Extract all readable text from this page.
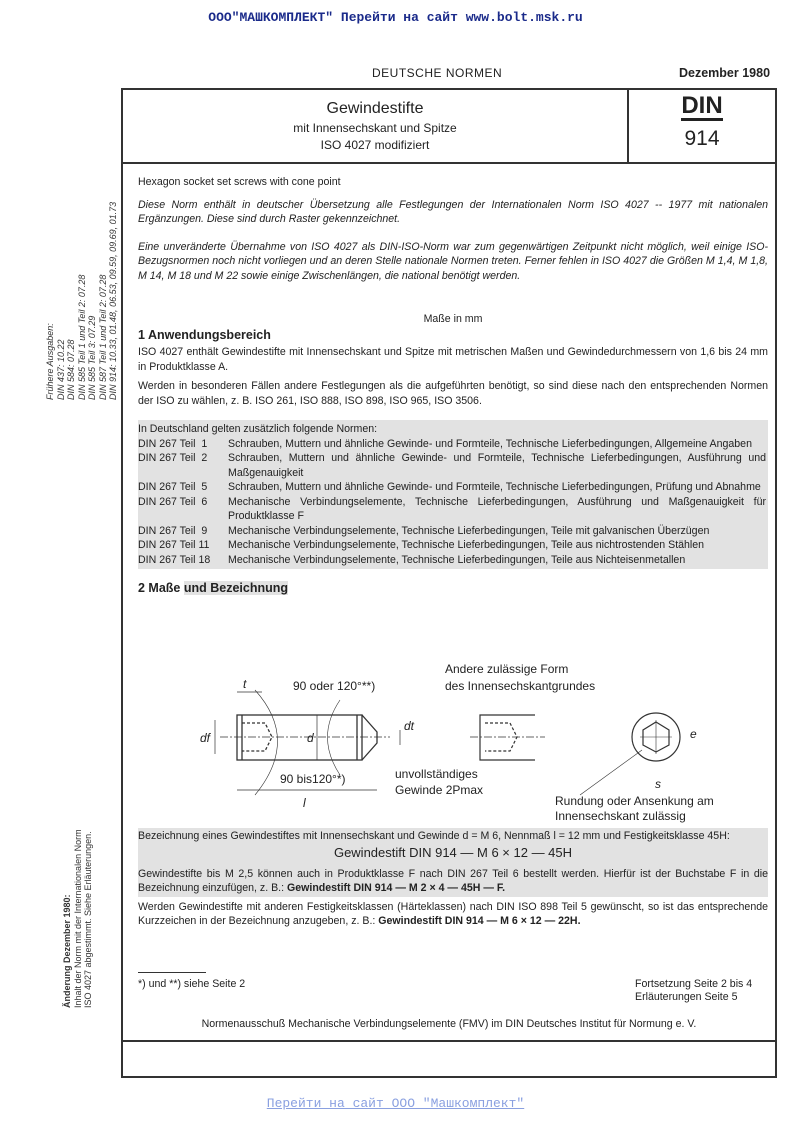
ООО"МАШКОМПЛЕКТ" Перейти на сайт www.bolt.msk.ru
DEUTSCHE NORMEN	Dezember 1980
Gewindestifte
mit Innensechskant und Spitze
ISO 4027 modifiziert
DIN
914
Frühere Ausgaben: DIN 437: 10.22 DIN 584: 07.28 DIN 585 Teil 1 und Teil 2: 07.28 DIN 585 Teil 3: 07.29 DIN 587 Teil 1 und Teil 2: 07.28 DIN 914: 10.33, 01.48, 06.53, 09.59, 09.69, 01.73
Änderung Dezember 1980: Inhalt der Norm mit der Internationalen Norm ISO 4027 abgestimmt. Siehe Erläuterungen.

Hexagon socket set screws with cone point

Diese Norm enthält in deutscher Übersetzung alle Festlegungen der Internationalen Norm ISO 4027 -- 1977 mit nationalen Ergänzungen. Diese sind durch Raster gekennzeichnet.

Eine unveränderte Übernahme von ISO 4027 als DIN-ISO-Norm war zum gegenwärtigen Zeitpunkt nicht möglich, weil einige ISO-Bezugsnormen noch nicht vorliegen und an deren Stelle nationale Normen treten. Ferner fehlen in ISO 4027 die Größen M 1,4, M 1,8, M 14, M 18 und M 22 sowie einige Zwischenlängen, die national benötigt werden.

Maße in mm

1 Anwendungsbereich

ISO 4027 enthält Gewindestifte mit Innensechskant und Spitze mit metrischen Maßen und Gewindedurchmessern von 1,6 bis 24 mm in Produktklasse A.

Werden in besonderen Fällen andere Festlegungen als die aufgeführten benötigt, so sind diese nach den entsprechenden Normen der ISO zu wählen, z. B. ISO 261, ISO 888, ISO 898, ISO 965, ISO 3506.

In Deutschland gelten zusätzlich folgende Normen:
DIN 267 Teil  1	Schrauben, Muttern und ähnliche Gewinde- und Formteile, Technische Lieferbedingungen, Allgemeine Angaben
DIN 267 Teil  2	Schrauben, Muttern und ähnliche Gewinde- und Formteile, Technische Lieferbedingungen, Ausführung und Maßgenauigkeit
DIN 267 Teil  5	Schrauben, Muttern und ähnliche Gewinde- und Formteile, Technische Lieferbedingungen, Prüfung und Abnahme
DIN 267 Teil  6	Mechanische Verbindungselemente, Technische Lieferbedingungen, Ausführung und Maßgenauigkeit für Produktklasse F
DIN 267 Teil  9	Mechanische Verbindungselemente, Technische Lieferbedingungen, Teile mit galvanischen Überzügen
DIN 267 Teil 11	Mechanische Verbindungselemente, Technische Lieferbedingungen, Teile aus nichtrostenden Stählen
DIN 267 Teil 18	Mechanische Verbindungselemente, Technische Lieferbedingungen, Teile aus Nichteisenmetallen
2 Maße und Bezeichnung
t
df	d
dt
l
e
s
90 oder 120°**)
90 bis120°*)
Andere zulässige Form
des Innensechskantgrundes
unvollständiges
Gewinde 2Pmax
Rundung oder Ansenkung am
Innensechskant zulässig

Bezeichnung eines Gewindestiftes mit Innensechskant und Gewinde d = M 6, Nennmaß l = 12 mm und Festigkeitsklasse 45H:

Gewindestift DIN 914 — M 6 × 12 — 45H

Gewindestifte bis M 2,5 können auch in Produktklasse F nach DIN 267 Teil 6 bestellt werden. Hierfür ist der Buchstabe F in die Bezeichnung einzufügen, z. B.: Gewindestift DIN 914 — M 2 × 4 — 45H — F.

Werden Gewindestifte mit anderen Festigkeitsklassen (Härteklassen) nach DIN ISO 898 Teil 5 gewünscht, so ist das entsprechende Kurzzeichen in der Bezeichnung anzugeben, z. B.: Gewindestift DIN 914 — M 6 × 12 — 22H.

*) und **) siehe Seite 2	Fortsetzung Seite 2 bis 4
Erläuterungen Seite 5
Normenausschuß Mechanische Verbindungselemente (FMV) im DIN Deutsches Institut für Normung e. V.
Перейти на сайт ООО "Машкомплект"
